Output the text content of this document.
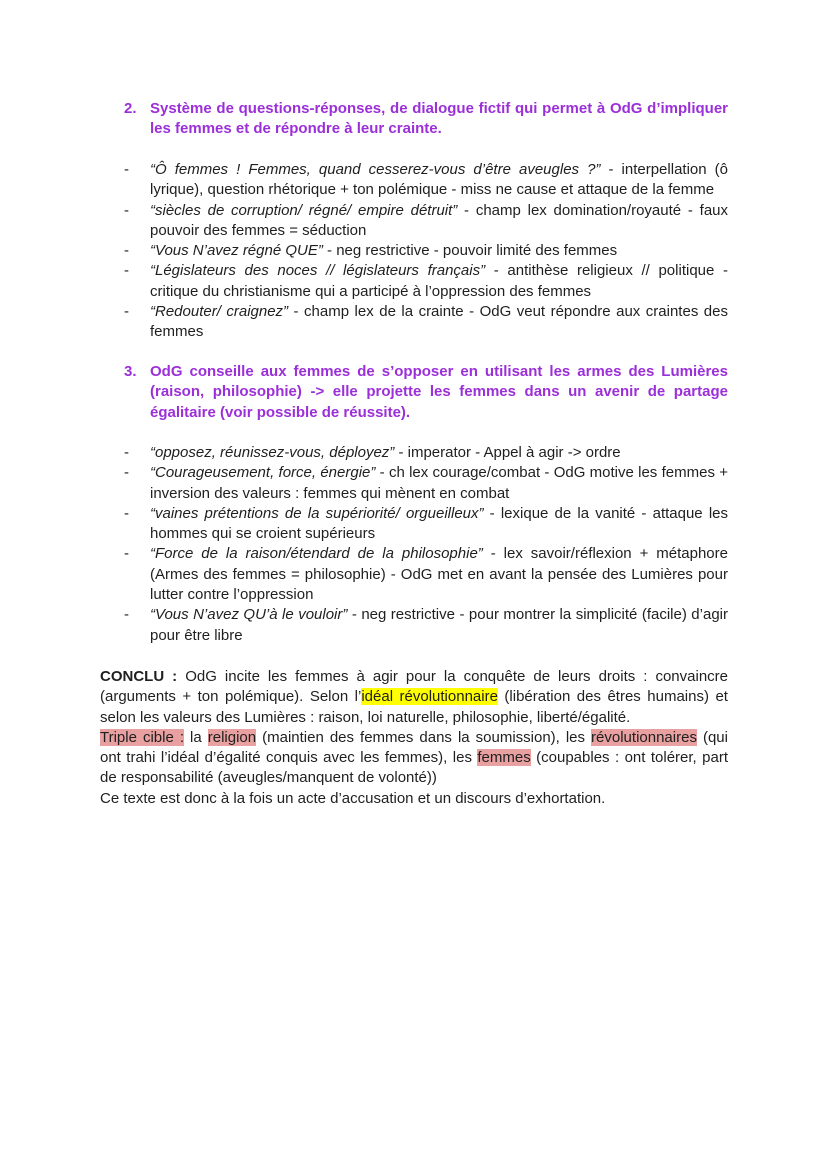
2. Système de questions-réponses, de dialogue fictif qui permet à OdG d’impliquer les femmes et de répondre à leur crainte.
- “Ô femmes ! Femmes, quand cesserez-vous d’être aveugles ?” - interpellation (ô lyrique), question rhétorique + ton polémique - miss ne cause et attaque de la femme
- “siècles de corruption/ régné/ empire détruit” - champ lex domination/royauté - faux pouvoir des femmes = séduction
- “Vous N’avez régné QUE” - neg restrictive - pouvoir limité des femmes
- “Législateurs des noces // législateurs français” - antithèse religieux // politique - critique du christianisme qui a participé à l’oppression des femmes
- “Redouter/ craignez” - champ lex de la crainte - OdG veut répondre aux craintes des femmes
3. OdG conseille aux femmes de s’opposer en utilisant les armes des Lumières (raison, philosophie) -> elle projette les femmes dans un avenir de partage égalitaire (voir possible de réussite).
- “opposez, réunissez-vous, déployez” - imperator - Appel à agir -> ordre
- “Courageusement, force, énergie” - ch lex courage/combat - OdG motive les femmes + inversion des valeurs : femmes qui mènent en combat
- “vaines prétentions de la supériorité/ orgueilleux” - lexique de la vanité - attaque les hommes qui se croient supérieurs
- “Force de la raison/étendard de la philosophie” - lex savoir/réflexion + métaphore (Armes des femmes = philosophie) - OdG met en avant la pensée des Lumières pour lutter contre l’oppression
- “Vous N’avez QU’à le vouloir” - neg restrictive - pour montrer la simplicité (facile) d’agir pour être libre

CONCLU : OdG incite les femmes à agir pour la conquête de leurs droits : convaincre (arguments + ton polémique). Selon l’idéal révolutionnaire (libération des êtres humains) et selon les valeurs des Lumières : raison, loi naturelle, philosophie, liberté/égalité.

Triple cible : la religion (maintien des femmes dans la soumission), les révolutionnaires (qui ont trahi l’idéal d’égalité conquis avec les femmes), les femmes (coupables : ont tolérer, part de responsabilité (aveugles/manquent de volonté))

Ce texte est donc à la fois un acte d’accusation et un discours d’exhortation.
